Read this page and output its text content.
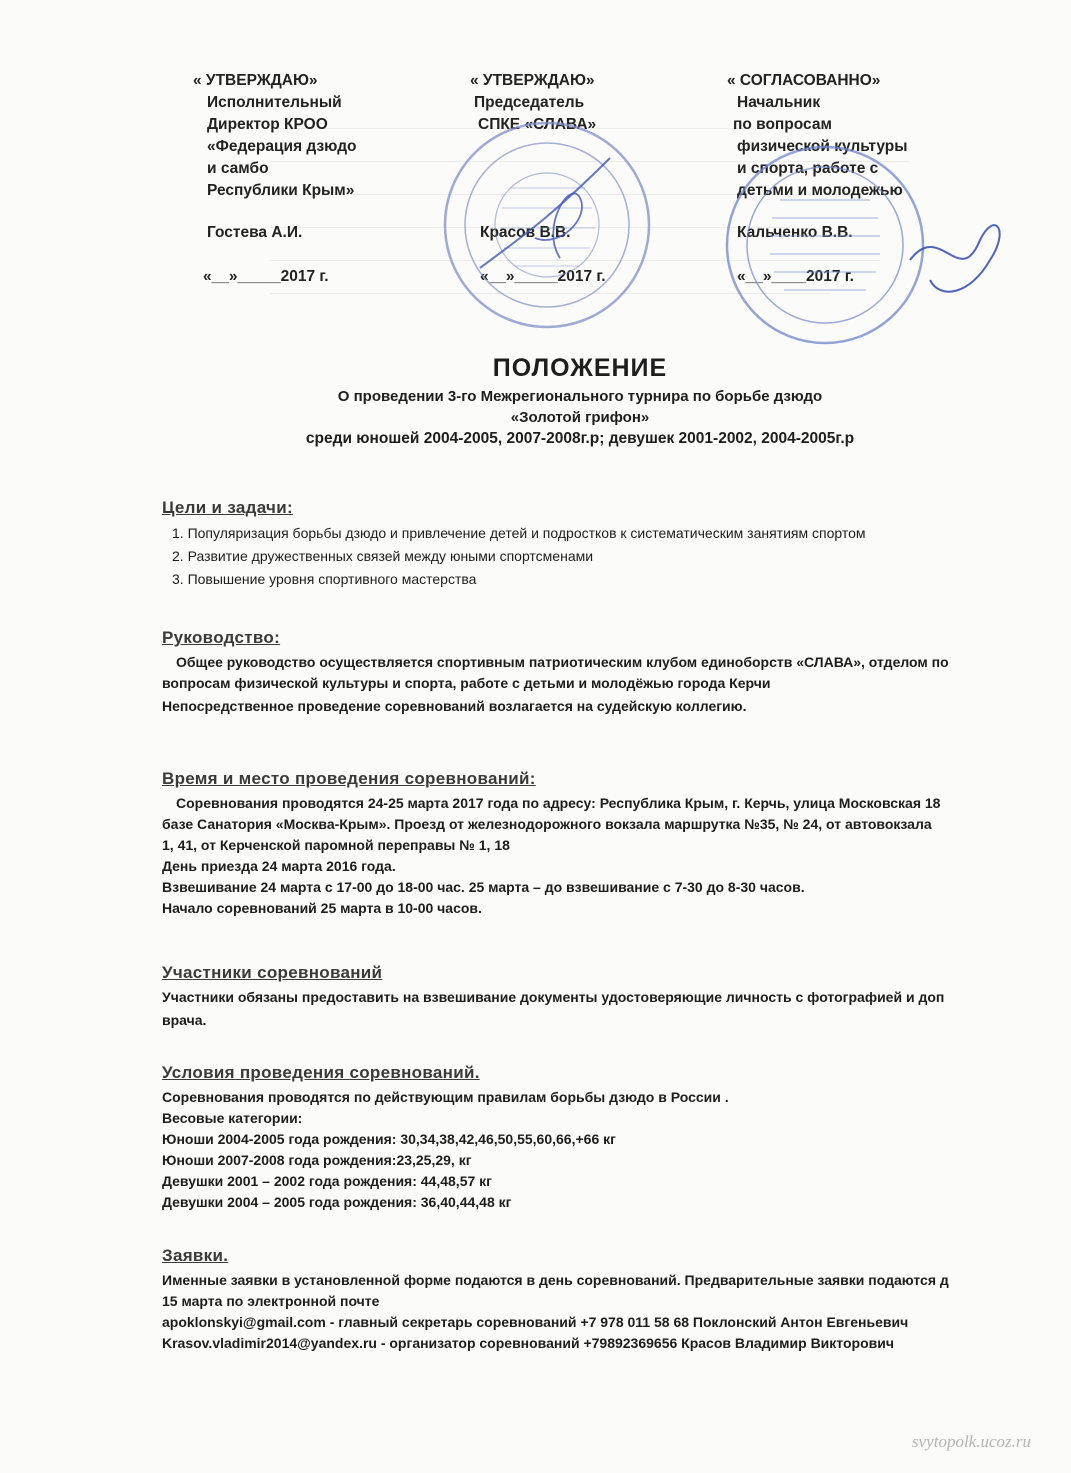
« УТВЕРЖДАЮ»
Исполнительный
Директор КРОО
«Федерация дзюдо
и самбо
Республики Крым»
Гостева А.И.
«__»_____2017 г.
« УТВЕРЖДАЮ»
Председатель
СПКЕ «СЛАВА»
Красов В.В.
«__»_____2017 г.
« СОГЛАСОВАННО»
Начальник
по вопросам
физической культуры
и спорта, работе с
детьми и молодежью
Кальченко В.В.
«__»____2017 г.
ПОЛОЖЕНИЕ
О проведении 3-го Межрегионального турнира по борьбе дзюдо
«Золотой грифон»
среди юношей 2004-2005, 2007-2008г.р; девушек 2001-2002, 2004-2005г.р
Цели и задачи:
1. Популяризация борьбы дзюдо и привлечение детей и подростков к систематическим занятиям спортом
2. Развитие дружественных связей между юными спортсменами
3. Повышение уровня спортивного мастерства
Руководство:
Общее руководство осуществляется спортивным патриотическим клубом единоборств «СЛАВА», отделом по
вопросам физической культуры и спорта, работе с детьми и молодёжью города Керчи
Непосредственное проведение соревнований возлагается на судейскую коллегию.
Время и место проведения соревнований:
Соревнования проводятся 24-25 марта 2017 года по адресу: Республика Крым, г. Керчь, улица Московская 18
базе Санатория «Москва-Крым». Проезд от железнодорожного вокзала маршрутка №35, № 24, от автовокзала
1, 41, от Керченской паромной переправы № 1, 18
День приезда 24 марта 2016 года.
Взвешивание 24 марта с 17-00 до 18-00 час. 25 марта – до взвешивание с 7-30 до 8-30 часов.
Начало соревнований 25 марта в 10-00 часов.
Участники соревнований
Участники обязаны предоставить на взвешивание документы удостоверяющие личность с фотографией и доп
врача.
Условия проведения соревнований.
Соревнования проводятся по действующим правилам борьбы дзюдо в России .
Весовые категории:
Юноши 2004-2005 года рождения: 30,34,38,42,46,50,55,60,66,+66 кг
Юноши 2007-2008 года рождения:23,25,29, кг
Девушки 2001 – 2002 года рождения: 44,48,57 кг
Девушки 2004 – 2005 года рождения: 36,40,44,48 кг
Заявки.
Именные заявки в установленной форме подаются в день соревнований. Предварительные заявки подаются д
15 марта по электронной почте
apoklonskyi@gmail.com - главный секретарь соревнований +7 978 011 58 68 Поклонский Антон Евгеньевич
Krasov.vladimir2014@yandex.ru - организатор соревнований +79892369656 Красов Владимир Викторович
svytopolk.ucoz.ru
